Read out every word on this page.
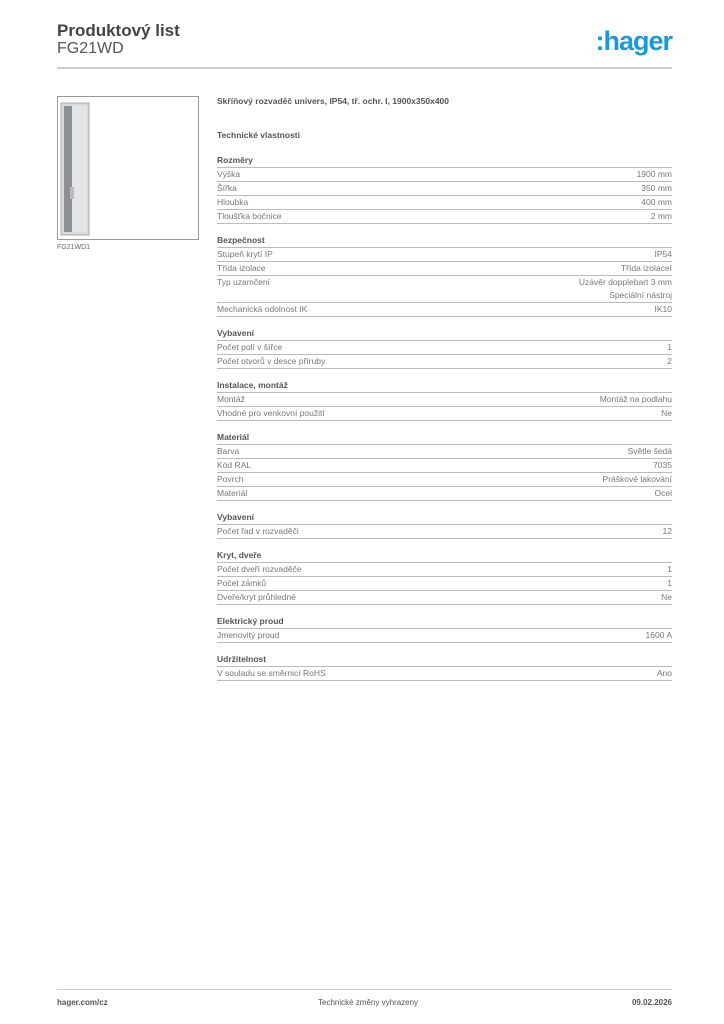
Produktový list
FG21WD	:hager
FG21WD1
Skříňový rozvaděč univers, IP54, tř. ochr. I, 1900x350x400
Technické vlastnosti
Rozměry
Výška	1900 mm
Šířka	350 mm
Hloubka	400 mm
Tloušťka bočnice	2 mm
Bezpečnost
Stupeň krytí IP	IP54
Třída izolace	Třída izolaceI
Typ uzamčení	Uzávěr dopplebart 3 mm
Speciální nástroj
Mechanická odolnost IK	IK10
Vybavení
Počet polí v šířce	1
Počet otvorů v desce příruby	2
Instalace, montáž
Montáž	Montáž na podlahu
Vhodné pro venkovní použití	Ne
Materiál
Barva	Světle šedá
Kód RAL	7035
Povrch	Práškové lakování
Materiál	Ocel
Vybavení
Počet řad v rozvaděči	12
Kryt, dveře
Počet dveří rozvaděče	1
Počet zámků	1
Dveře/kryt průhledné	Ne
Elektrický proud
Jmenovitý proud	1600 A
Udržitelnost
V souladu se směrnicí RoHS	Ano
hager.com/cz	Technické změny vyhrazeny	09.02.2026
